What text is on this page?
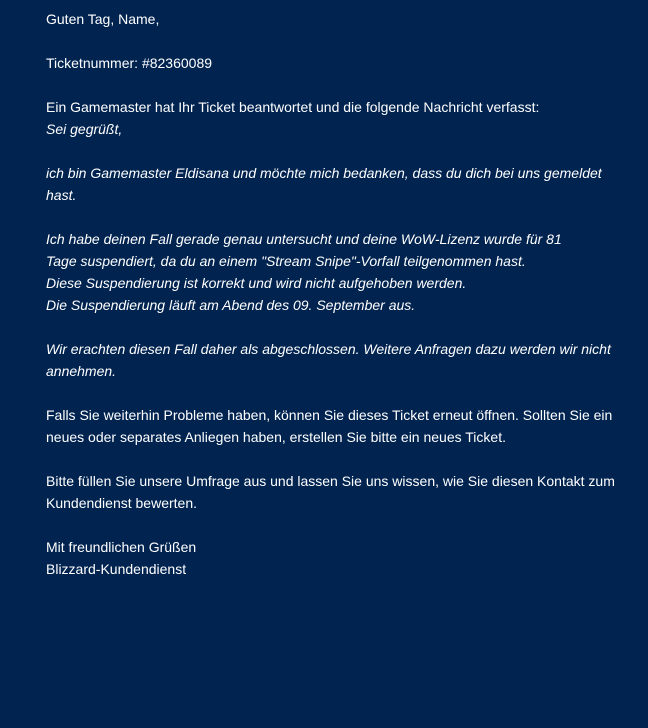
Guten Tag, Name,

Ticketnummer: #82360089

Ein Gamemaster hat Ihr Ticket beantwortet und die folgende Nachricht verfasst:
Sei gegrüßt,

ich bin Gamemaster Eldisana und möchte mich bedanken, dass du dich bei uns gemeldet hast.

Ich habe deinen Fall gerade genau untersucht und deine WoW-Lizenz wurde für 81
Tage suspendiert, da du an einem "Stream Snipe"-Vorfall teilgenommen hast.
Diese Suspendierung ist korrekt und wird nicht aufgehoben werden.
Die Suspendierung läuft am Abend des 09. September aus.

Wir erachten diesen Fall daher als abgeschlossen. Weitere Anfragen dazu werden wir nicht annehmen.

Falls Sie weiterhin Probleme haben, können Sie dieses Ticket erneut öffnen. Sollten Sie ein neues oder separates Anliegen haben, erstellen Sie bitte ein neues Ticket.

Bitte füllen Sie unsere Umfrage aus und lassen Sie uns wissen, wie Sie diesen Kontakt zum Kundendienst bewerten.

Mit freundlichen Grüßen
Blizzard-Kundendienst
